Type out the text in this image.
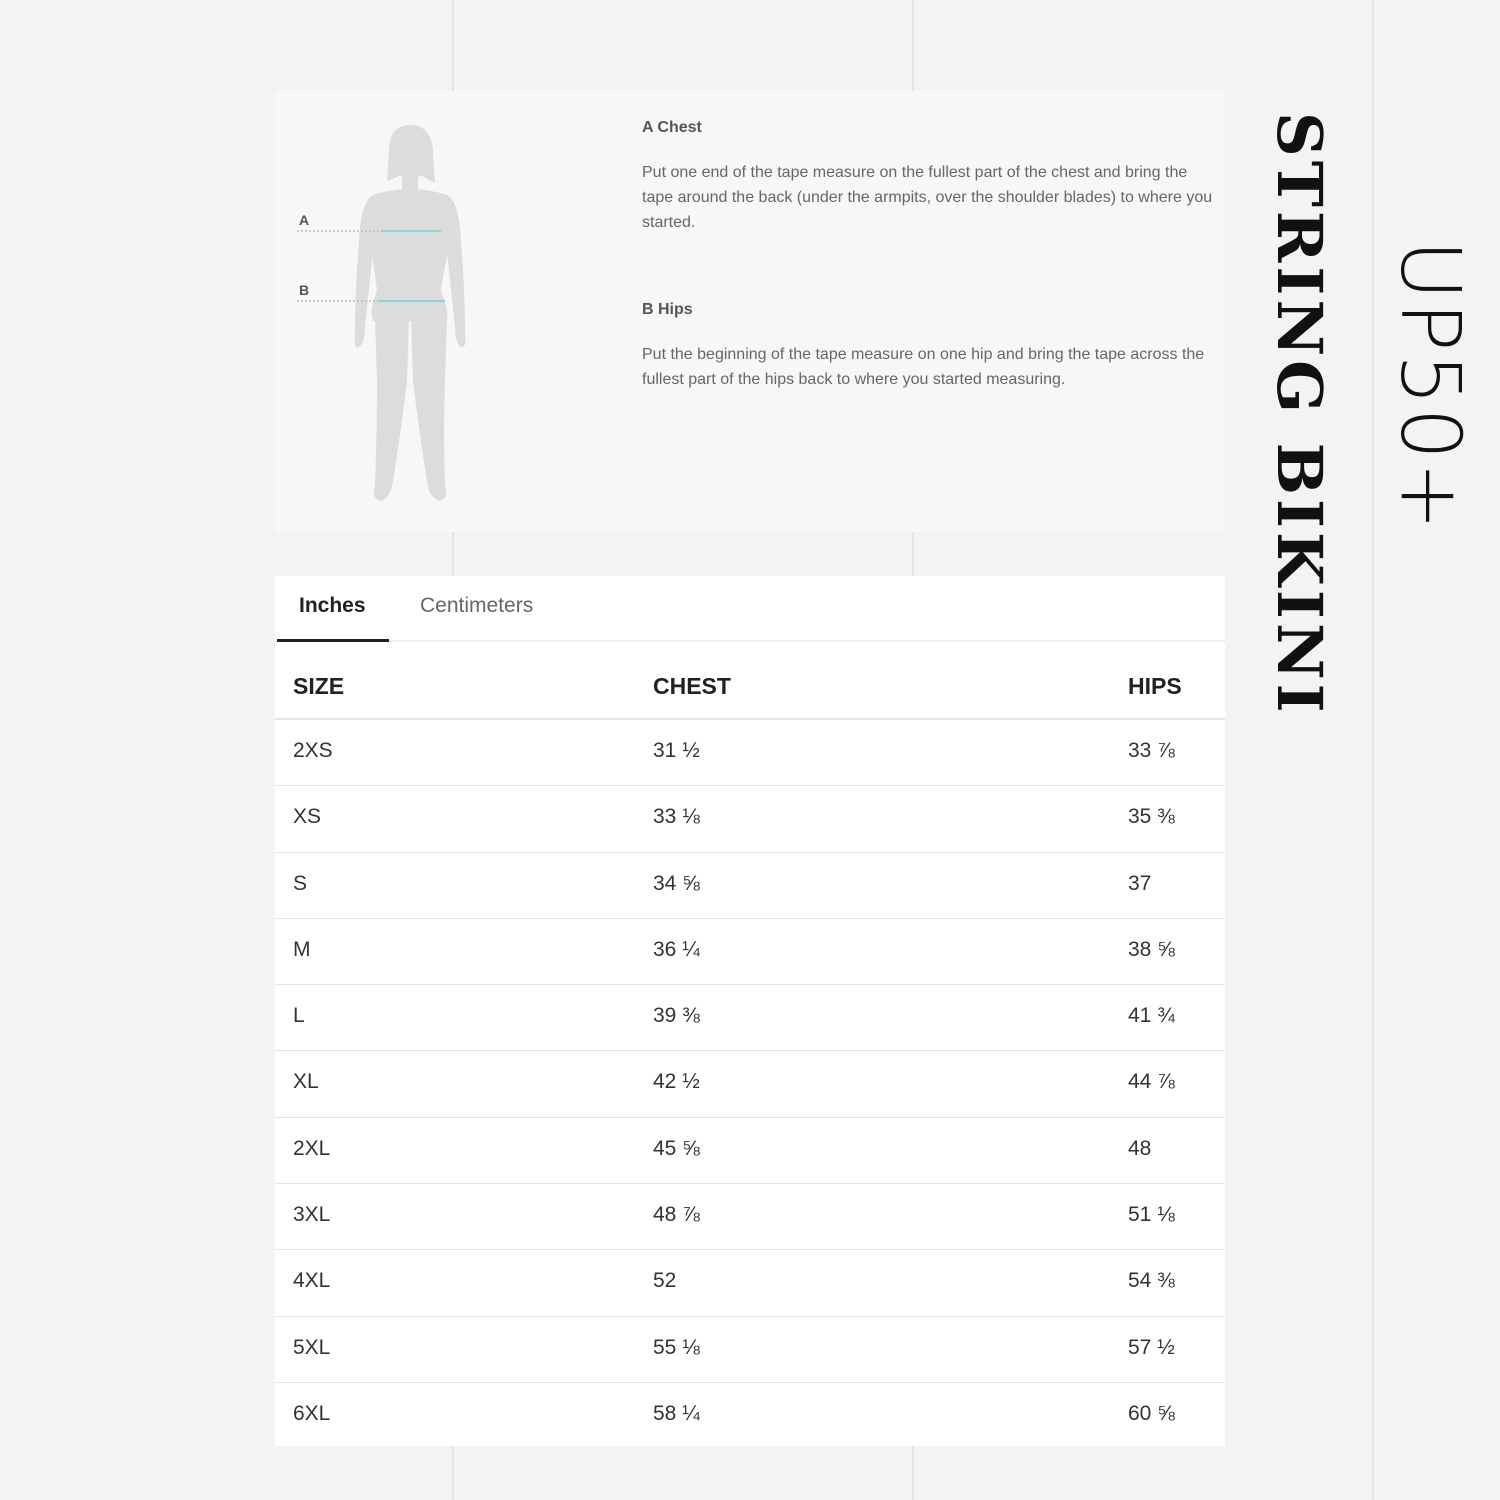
A
B
A Chest
Put one end of the tape measure on the fullest part of the chest and bring the tape around the back (under the armpits, over the shoulder blades) to where you started.
B Hips
Put the beginning of the tape measure on one hip and bring the tape across the fullest part of the hips back to where you started measuring.
Inches	Centimeters
SIZE	CHEST	HIPS
2XS	31 ½	33 ⅞
XS	33 ⅛	35 ⅜
S	34 ⅝	37
M	36 ¼	38 ⅝
L	39 ⅜	41 ¾
XL	42 ½	44 ⅞
2XL	45 ⅝	48
3XL	48 ⅞	51 ⅛
4XL	52	54 ⅜
5XL	55 ⅛	57 ½
6XL	58 ¼	60 ⅝
STRING BIKINI UP50+
